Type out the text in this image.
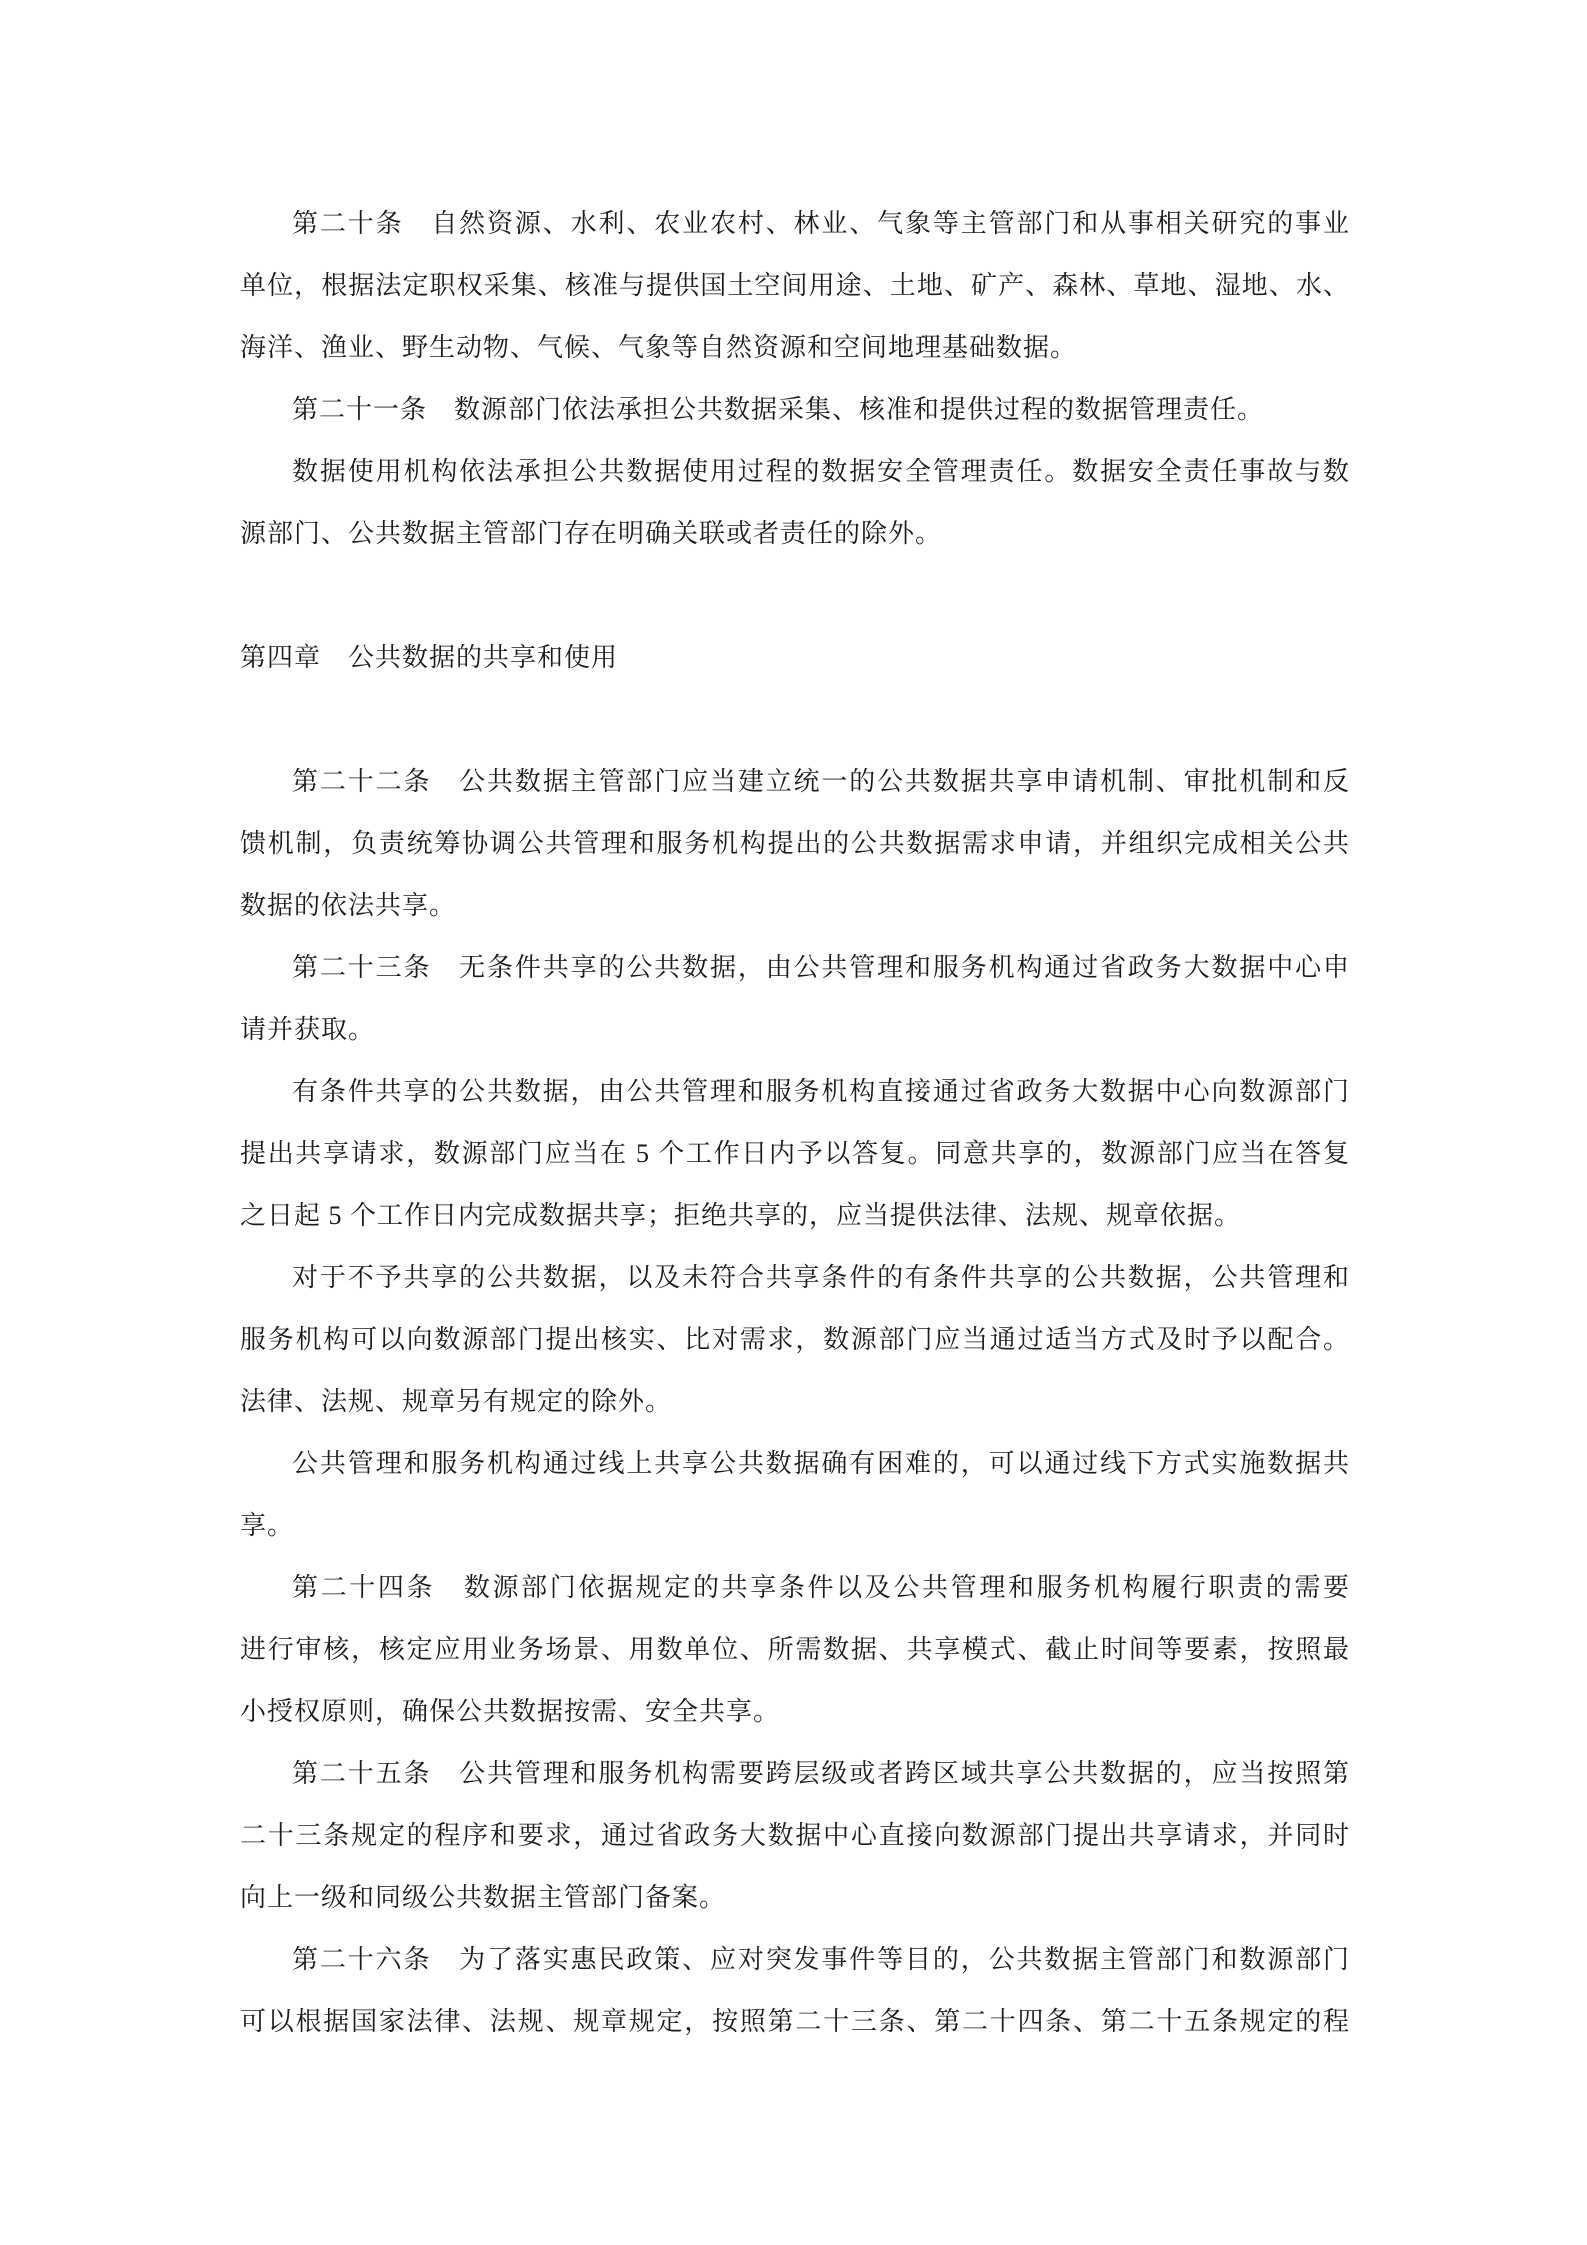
第二十条　自然资源、水利、农业农村、林业、气象等主管部门和从事相关研究的事业
单位，根据法定职权采集、核准与提供国土空间用途、土地、矿产、森林、草地、湿地、水、
海洋、渔业、野生动物、气候、气象等自然资源和空间地理基础数据。

第二十一条　数源部门依法承担公共数据采集、核准和提供过程的数据管理责任。

数据使用机构依法承担公共数据使用过程的数据安全管理责任。数据安全责任事故与数
源部门、公共数据主管部门存在明确关联或者责任的除外。

第四章　公共数据的共享和使用

第二十二条　公共数据主管部门应当建立统一的公共数据共享申请机制、审批机制和反
馈机制，负责统筹协调公共管理和服务机构提出的公共数据需求申请，并组织完成相关公共
数据的依法共享。

第二十三条　无条件共享的公共数据，由公共管理和服务机构通过省政务大数据中心申
请并获取。

有条件共享的公共数据，由公共管理和服务机构直接通过省政务大数据中心向数源部门
提出共享请求，数源部门应当在 5 个工作日内予以答复。同意共享的，数源部门应当在答复
之日起 5 个工作日内完成数据共享；拒绝共享的，应当提供法律、法规、规章依据。

对于不予共享的公共数据，以及未符合共享条件的有条件共享的公共数据，公共管理和
服务机构可以向数源部门提出核实、比对需求，数源部门应当通过适当方式及时予以配合。
法律、法规、规章另有规定的除外。

公共管理和服务机构通过线上共享公共数据确有困难的，可以通过线下方式实施数据共
享。

第二十四条　数源部门依据规定的共享条件以及公共管理和服务机构履行职责的需要
进行审核，核定应用业务场景、用数单位、所需数据、共享模式、截止时间等要素，按照最
小授权原则，确保公共数据按需、安全共享。

第二十五条　公共管理和服务机构需要跨层级或者跨区域共享公共数据的，应当按照第
二十三条规定的程序和要求，通过省政务大数据中心直接向数源部门提出共享请求，并同时
向上一级和同级公共数据主管部门备案。

第二十六条　为了落实惠民政策、应对突发事件等目的，公共数据主管部门和数源部门
可以根据国家法律、法规、规章规定，按照第二十三条、第二十四条、第二十五条规定的程
